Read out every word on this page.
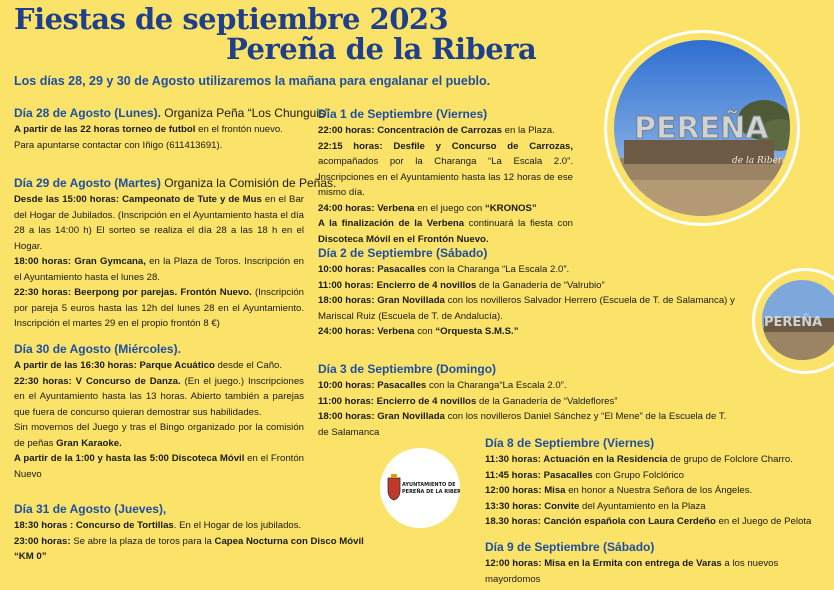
Fiestas de septiembre 2023
Pereña de la Ribera
Los días 28, 29 y 30 de Agosto utilizaremos la mañana para engalanar el pueblo.
PEREÑA
de la Ribera
PEREÑA
AYUNTAMIENTO DE
PEREÑA DE LA RIBERA
Día 28 de Agosto (Lunes). Organiza Peña “Los Chunguis”

A partir de las 22 horas torneo de futbol en el frontón nuevo.

Para apuntarse contactar con Iñigo (611413691).

Día 29 de Agosto (Martes) Organiza la Comisión de Peñas.

Desde las 15:00 horas: Campeonato de Tute y de Mus en el Bar del Hogar de Jubilados. (Inscripción en el Ayuntamiento hasta el día 28 a las 14:00 h) El sorteo se realiza el día 28 a las 18 h en el Hogar.

18:00 horas: Gran Gymcana, en la Plaza de Toros. Inscripción en el Ayuntamiento hasta el lunes 28.

22:30 horas: Beerpong por parejas. Frontón Nuevo. (Inscripción por pareja 5 euros hasta las 12h del lunes 28 en el Ayuntamiento. Inscripción el martes 29 en el propio frontón 8 €)

Día 30 de Agosto (Miércoles).

A partir de las 16:30 horas: Parque Acuático desde el Caño.

22:30 horas: V Concurso de Danza. (En el juego.) Inscripciones en el Ayuntamiento hasta las 13 horas. Abierto también a parejas que fuera de concurso quieran demostrar sus habilidades.

Sin movernos del Juego y tras el Bingo organizado por la comisión de peñas Gran Karaoke.

A partir de la 1:00 y hasta las 5:00 Discoteca Móvil en el Frontón Nuevo

Día 31 de Agosto (Jueves),

18:30 horas : Concurso de Tortillas. En el Hogar de los jubilados.

23:00 horas: Se abre la plaza de toros para la Capea Nocturna con Disco Móvil “KM 0”

Día 1 de Septiembre (Viernes)

22:00 horas: Concentración de Carrozas en la Plaza.

22:15 horas: Desfile y Concurso de Carrozas, acompañados por la Charanga “La Escala 2.0”. Inscripciones en el Ayuntamiento hasta las 12 horas de ese mismo día.

24:00 horas: Verbena en el juego con “KRONOS”

A la finalización de la Verbena continuará la fiesta con Discoteca Móvil en el Frontón Nuevo.

Día 2 de Septiembre (Sábado)

10:00 horas: Pasacalles con la Charanga “La Escala 2.0”.

11:00 horas: Encierro de 4 novillos de la Ganadería de “Valrubio”

18:00 horas: Gran Novillada con los novilleros Salvador Herrero (Escuela de T. de Salamanca) y Mariscal Ruiz (Escuela de T. de Andalucía).

24:00 horas: Verbena con “Orquesta S.M.S.”

Día 3 de Septiembre (Domingo)

10:00 horas: Pasacalles con la Charanga“La Escala 2.0”.

11:00 horas: Encierro de 4 novillos de la Ganadería de “Valdeflores”

18:00 horas: Gran Novillada con los novilleros Daniel Sánchez y “El Mene” de la Escuela de T.

de Salamanca

Día 8 de Septiembre (Viernes)

11:30 horas: Actuación en la Residencia de grupo de Folclore Charro.

11:45 horas: Pasacalles con Grupo Folclórico

12:00 horas: Misa en honor a Nuestra Señora de los Ángeles.

13:30 horas: Convite del Ayuntamiento en la Plaza

18.30 horas: Canción española con Laura Cerdeño en el Juego de Pelota

Día 9 de Septiembre (Sábado)

12:00 horas: Misa en la Ermita con entrega de Varas a los nuevos mayordomos
